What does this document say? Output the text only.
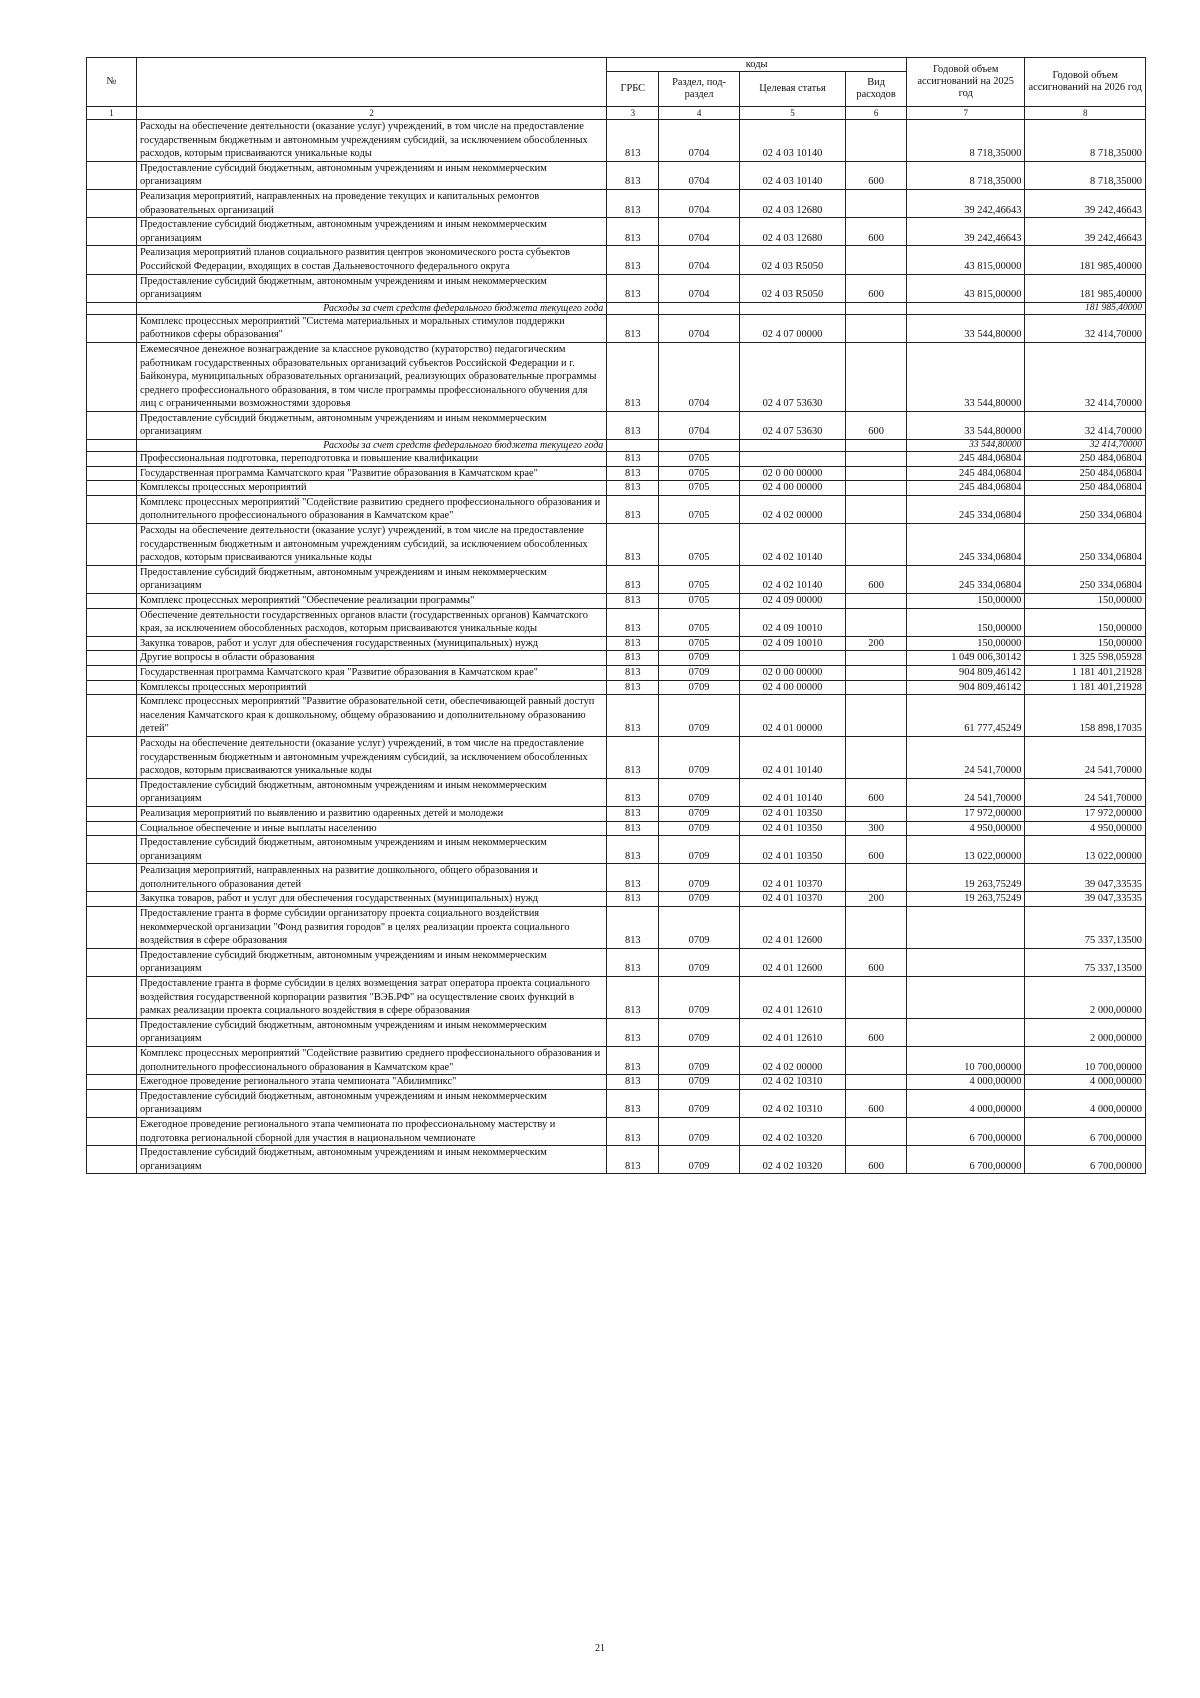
№		коды				Годовой объем ассигнований на 2025 год	Годовой объем ассигнований на 2026 год
		ГРБС	Раздел, под-раздел	Целевая статья	Вид расходов		
1	2	3	4	5	6	7	8
	Расходы на обеспечение деятельности (оказание услуг) учреждений, в том числе на предоставление государственным бюджетным и автономным учреждениям субсидий, за исключением обособленных расходов, которым присваиваются уникальные коды	813	0704	02 4 03 10140		8 718,35000	8 718,35000
	Предоставление субсидий бюджетным, автономным учреждениям и иным некоммерческим организациям	813	0704	02 4 03 10140	600	8 718,35000	8 718,35000
	Реализация мероприятий, направленных на проведение текущих и капитальных ремонтов образовательных организаций	813	0704	02 4 03 12680		39 242,46643	39 242,46643
	Предоставление субсидий бюджетным, автономным учреждениям и иным некоммерческим организациям	813	0704	02 4 03 12680	600	39 242,46643	39 242,46643
	Реализация мероприятий планов социального развития центров экономического роста субъектов Российской Федерации, входящих в состав Дальневосточного федерального округа	813	0704	02 4 03 R5050		43 815,00000	181 985,40000
	Предоставление субсидий бюджетным, автономным учреждениям и иным некоммерческим организациям	813	0704	02 4 03 R5050	600	43 815,00000	181 985,40000
	Расходы за счет средств федерального бюджета текущего года						181 985,40000
	Комплекс процессных мероприятий "Система материальных и моральных стимулов поддержки работников сферы образования"	813	0704	02 4 07 00000		33 544,80000	32 414,70000
	Ежемесячное денежное вознаграждение за классное руководство (кураторство) педагогическим работникам государственных образовательных организаций субъектов Российской Федерации и г. Байконура, муниципальных образовательных организаций, реализующих образовательные программы среднего профессионального образования, в том числе программы профессионального обучения для лиц с ограниченными возможностями здоровья	813	0704	02 4 07 53630		33 544,80000	32 414,70000
	Предоставление субсидий бюджетным, автономным учреждениям и иным некоммерческим организациям	813	0704	02 4 07 53630	600	33 544,80000	32 414,70000
	Расходы за счет средств федерального бюджета текущего года					33 544,80000	32 414,70000
	Профессиональная подготовка, переподготовка и повышение квалификации	813	0705			245 484,06804	250 484,06804
	Государственная программа Камчатского края "Развитие образования в Камчатском крае"	813	0705	02 0 00 00000		245 484,06804	250 484,06804
	Комплексы процессных мероприятий	813	0705	02 4 00 00000		245 484,06804	250 484,06804
	Комплекс процессных мероприятий "Содействие развитию среднего профессионального образования и дополнительного профессионального образования в Камчатском крае"	813	0705	02 4 02 00000		245 334,06804	250 334,06804
	Расходы на обеспечение деятельности (оказание услуг) учреждений, в том числе на предоставление государственным бюджетным и автономным учреждениям субсидий, за исключением обособленных расходов, которым присваиваются уникальные коды	813	0705	02 4 02 10140		245 334,06804	250 334,06804
	Предоставление субсидий бюджетным, автономным учреждениям и иным некоммерческим организациям	813	0705	02 4 02 10140	600	245 334,06804	250 334,06804
	Комплекс процессных мероприятий "Обеспечение реализации программы"	813	0705	02 4 09 00000		150,00000	150,00000
	Обеспечение деятельности государственных органов власти (государственных органов) Камчатского края, за исключением обособленных расходов, которым присваиваются уникальные коды	813	0705	02 4 09 10010		150,00000	150,00000
	Закупка товаров, работ и услуг для обеспечения государственных (муниципальных) нужд	813	0705	02 4 09 10010	200	150,00000	150,00000
	Другие вопросы в области образования	813	0709			1 049 006,30142	1 325 598,05928
	Государственная программа Камчатского края "Развитие образования в Камчатском крае"	813	0709	02 0 00 00000		904 809,46142	1 181 401,21928
	Комплексы процессных мероприятий	813	0709	02 4 00 00000		904 809,46142	1 181 401,21928
	Комплекс процессных мероприятий "Развитие образовательной сети, обеспечивающей равный доступ населения Камчатского края к дошкольному, общему образованию и дополнительному образованию детей"	813	0709	02 4 01 00000		61 777,45249	158 898,17035
	Расходы на обеспечение деятельности (оказание услуг) учреждений, в том числе на предоставление государственным бюджетным и автономным учреждениям субсидий, за исключением обособленных расходов, которым присваиваются уникальные коды	813	0709	02 4 01 10140		24 541,70000	24 541,70000
	Предоставление субсидий бюджетным, автономным учреждениям и иным некоммерческим организациям	813	0709	02 4 01 10140	600	24 541,70000	24 541,70000
	Реализация мероприятий по выявлению и развитию одаренных детей и молодежи	813	0709	02 4 01 10350		17 972,00000	17 972,00000
	Социальное обеспечение и иные выплаты населению	813	0709	02 4 01 10350	300	4 950,00000	4 950,00000
	Предоставление субсидий бюджетным, автономным учреждениям и иным некоммерческим организациям	813	0709	02 4 01 10350	600	13 022,00000	13 022,00000
	Реализация мероприятий, направленных на развитие дошкольного, общего образования и дополнительного образования детей	813	0709	02 4 01 10370		19 263,75249	39 047,33535
	Закупка товаров, работ и услуг для обеспечения государственных (муниципальных) нужд	813	0709	02 4 01 10370	200	19 263,75249	39 047,33535
	Предоставление гранта в форме субсидии организатору проекта социального воздействия некоммерческой организации "Фонд развития городов" в целях реализации проекта социального воздействия в сфере образования	813	0709	02 4 01 12600			75 337,13500
	Предоставление субсидий бюджетным, автономным учреждениям и иным некоммерческим организациям	813	0709	02 4 01 12600	600		75 337,13500
	Предоставление гранта в форме субсидии в целях возмещения затрат оператора проекта социального воздействия государственной корпорации развития "ВЭБ.РФ" на осуществление своих функций в рамках реализации проекта социального воздействия в сфере образования	813	0709	02 4 01 12610			2 000,00000
	Предоставление субсидий бюджетным, автономным учреждениям и иным некоммерческим организациям	813	0709	02 4 01 12610	600		2 000,00000
	Комплекс процессных мероприятий "Содействие развитию среднего профессионального образования и дополнительного профессионального образования в Камчатском крае"	813	0709	02 4 02 00000		10 700,00000	10 700,00000
	Ежегодное проведение регионального этапа чемпионата "Абилимпикс"	813	0709	02 4 02 10310		4 000,00000	4 000,00000
	Предоставление субсидий бюджетным, автономным учреждениям и иным некоммерческим организациям	813	0709	02 4 02 10310	600	4 000,00000	4 000,00000
	Ежегодное проведение регионального этапа чемпионата по профессиональному мастерству и подготовка региональной сборной для участия в национальном чемпионате	813	0709	02 4 02 10320		6 700,00000	6 700,00000
	Предоставление субсидий бюджетным, автономным учреждениям и иным некоммерческим организациям	813	0709	02 4 02 10320	600	6 700,00000	6 700,00000
21
